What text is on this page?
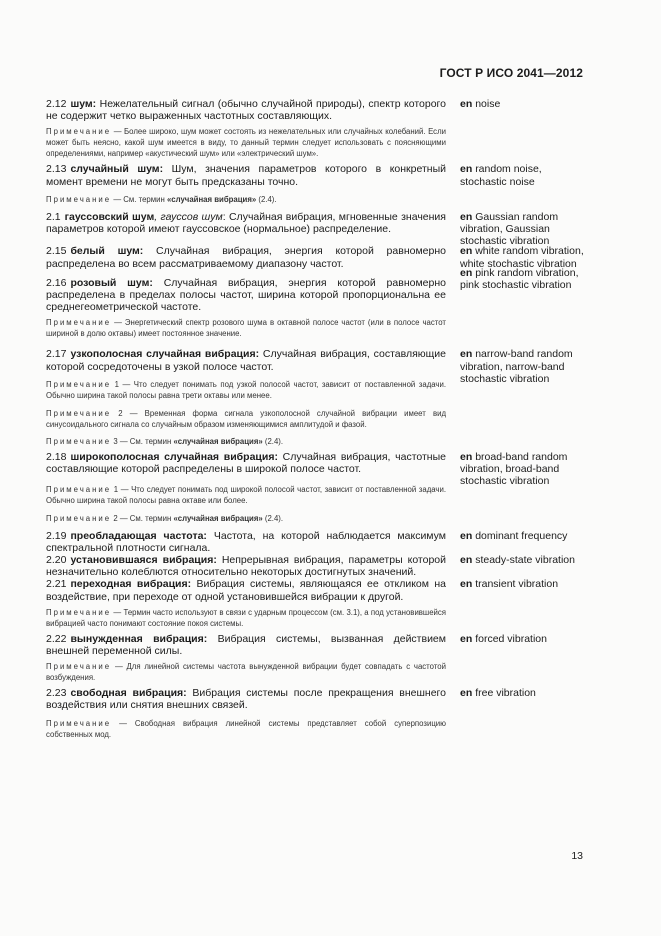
ГОСТ Р ИСО 2041—2012
2.12 шум: Нежелательный сигнал (обычно случайной природы), спектр которого не содержит четко выраженных частотных составляющих.
en noise
Примечание — Более широко, шум может состоять из нежелательных или случайных колебаний. Если может быть неясно, какой шум имеется в виду, то данный термин следует использовать с поясняющими определениями, например «акустический шум» или «электрический шум».
2.13 случайный шум: Шум, значения параметров которого в конкретный момент времени не могут быть предсказаны точно.
en random noise, stochastic noise
Примечание — См. термин «случайная вибрация» (2.4).
2.1 гауссовский шум, гауссов шум: Случайная вибрация, мгновенные значения параметров которой имеют гауссовское (нормальное) распределение.
en Gaussian random vibration, Gaussian stochastic vibration
2.15 белый шум: Случайная вибрация, энергия которой равномерно распределена во всем рассматриваемому диапазону частот.
en white random vibration, white stochastic vibration
2.16 розовый шум: Случайная вибрация, энергия которой равномерно распределена в пределах полосы частот, ширина которой пропорциональна ее среднегеометрической частоте.
en pink random vibration, pink stochastic vibration
Примечание — Энергетический спектр розового шума в октавной полосе частот (или в полосе частот шириной в долю октавы) имеет постоянное значение.
2.17 узкополосная случайная вибрация: Случайная вибрация, составляющие которой сосредоточены в узкой полосе частот.
en narrow-band random vibration, narrow-band stochastic vibration
Примечание 1 — Что следует понимать под узкой полосой частот, зависит от поставленной задачи. Обычно ширина такой полосы равна трети октавы или менее.
Примечание 2 — Временная форма сигнала узкополосной случайной вибрации имеет вид синусоидального сигнала со случайным образом изменяющимися амплитудой и фазой.
Примечание 3 — См. термин «случайная вибрация» (2.4).
2.18 широкополосная случайная вибрация: Случайная вибрация, частотные составляющие которой распределены в широкой полосе частот.
en broad-band random vibration, broad-band stochastic vibration
Примечание 1 — Что следует понимать под широкой полосой частот, зависит от поставленной задачи. Обычно ширина такой полосы равна октаве или более.
Примечание 2 — См. термин «случайная вибрация» (2.4).
2.19 преобладающая частота: Частота, на которой наблюдается максимум спектральной плотности сигнала.
en dominant frequency
2.20 установившаяся вибрация: Непрерывная вибрация, параметры которой незначительно колеблются относительно некоторых достигнутых значений.
en steady-state vibration
2.21 переходная вибрация: Вибрация системы, являющаяся ее откликом на воздействие, при переходе от одной установившейся вибрации к другой.
en transient vibration
Примечание — Термин часто используют в связи с ударным процессом (см. 3.1), а под установившейся вибрацией часто понимают состояние покоя системы.
2.22 вынужденная вибрация: Вибрация системы, вызванная действием внешней переменной силы.
en forced vibration
Примечание — Для линейной системы частота вынужденной вибрации будет совпадать с частотой возбуждения.
2.23 свободная вибрация: Вибрация системы после прекращения внешнего воздействия или снятия внешних связей.
en free vibration
Примечание — Свободная вибрация линейной системы представляет собой суперпозицию собственных мод.
13
